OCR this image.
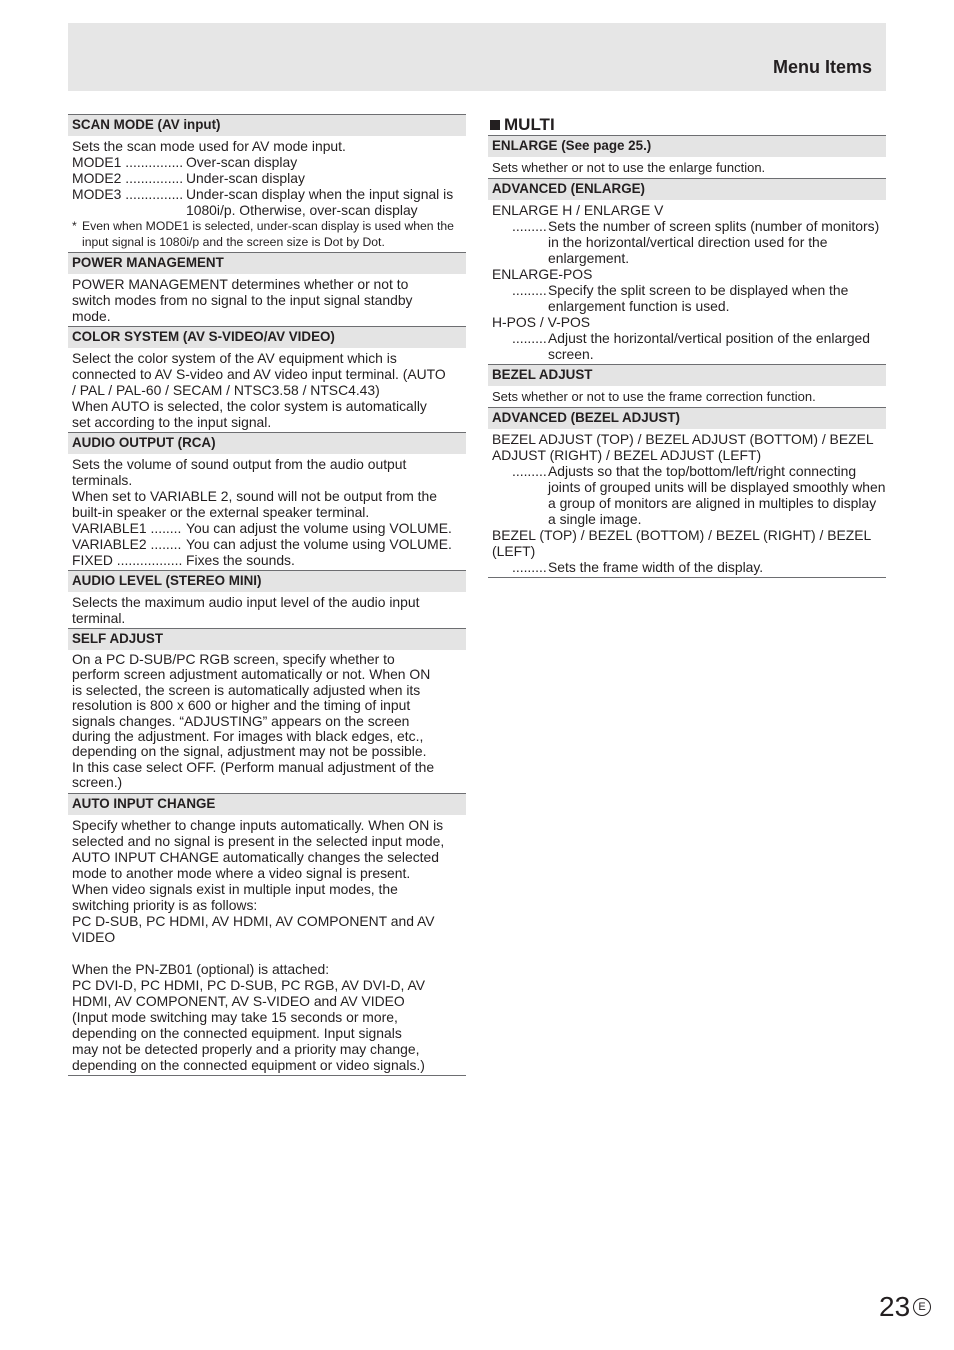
Menu Items
SCAN MODE (AV input)
Sets the scan mode used for AV mode input.
MODE1 ............... Over-scan display
MODE2 ............... Under-scan display
MODE3 ............... Under-scan display when the input signal is 1080i/p. Otherwise, over-scan display
* Even when MODE1 is selected, under-scan display is used when the input signal is 1080i/p and the screen size is Dot by Dot.
POWER MANAGEMENT
POWER MANAGEMENT determines whether or not to
switch modes from no signal to the input signal standby
mode.
COLOR SYSTEM (AV S-VIDEO/AV VIDEO)
Select the color system of the AV equipment which is
connected to AV S-video and AV video input terminal. (AUTO
/ PAL / PAL-60 / SECAM / NTSC3.58 / NTSC4.43)
When AUTO is selected, the color system is automatically
set according to the input signal.
AUDIO OUTPUT (RCA)
Sets the volume of sound output from the audio output
terminals.
When set to VARIABLE 2, sound will not be output from the
built-in speaker or the external speaker terminal.
VARIABLE1 ........ You can adjust the volume using VOLUME.
VARIABLE2 ........ You can adjust the volume using VOLUME.
FIXED ................. Fixes the sounds.
AUDIO LEVEL (STEREO MINI)
Selects the maximum audio input level of the audio input
terminal.
SELF ADJUST
On a PC D-SUB/PC RGB screen, specify whether to
perform screen adjustment automatically or not. When ON
is selected, the screen is automatically adjusted when its
resolution is 800 x 600 or higher and the timing of input
signals changes. “ADJUSTING” appears on the screen
during the adjustment. For images with black edges, etc.,
depending on the signal, adjustment may not be possible.
In this case select OFF. (Perform manual adjustment of the
screen.)
AUTO INPUT CHANGE
Specify whether to change inputs automatically. When ON is
selected and no signal is present in the selected input mode,
AUTO INPUT CHANGE automatically changes the selected
mode to another mode where a video signal is present.
When video signals exist in multiple input modes, the
switching priority is as follows:
PC D-SUB, PC HDMI, AV HDMI, AV COMPONENT and AV
VIDEO

When the PN-ZB01 (optional) is attached:
PC DVI-D, PC HDMI, PC D-SUB, PC RGB, AV DVI-D, AV
HDMI, AV COMPONENT, AV S-VIDEO and AV VIDEO
(Input mode switching may take 15 seconds or more,
depending on the connected equipment. Input signals
may not be detected properly and a priority may change,
depending on the connected equipment or video signals.)
MULTI
ENLARGE (See page 25.)
Sets whether or not to use the enlarge function.
ADVANCED (ENLARGE)
ENLARGE H / ENLARGE V
......... Sets the number of screen splits (number of monitors) in the horizontal/vertical direction used for the enlargement.
ENLARGE-POS
......... Specify the split screen to be displayed when the enlargement function is used.
H-POS / V-POS
......... Adjust the horizontal/vertical position of the enlarged screen.
BEZEL ADJUST
Sets whether or not to use the frame correction function.
ADVANCED (BEZEL ADJUST)
BEZEL ADJUST (TOP) / BEZEL ADJUST (BOTTOM) / BEZEL ADJUST (RIGHT) / BEZEL ADJUST (LEFT)
......... Adjusts so that the top/bottom/left/right connecting joints of grouped units will be displayed smoothly when a group of monitors are aligned in multiples to display a single image.
BEZEL (TOP) / BEZEL (BOTTOM) / BEZEL (RIGHT) / BEZEL (LEFT)
......... Sets the frame width of the display.
23 E
